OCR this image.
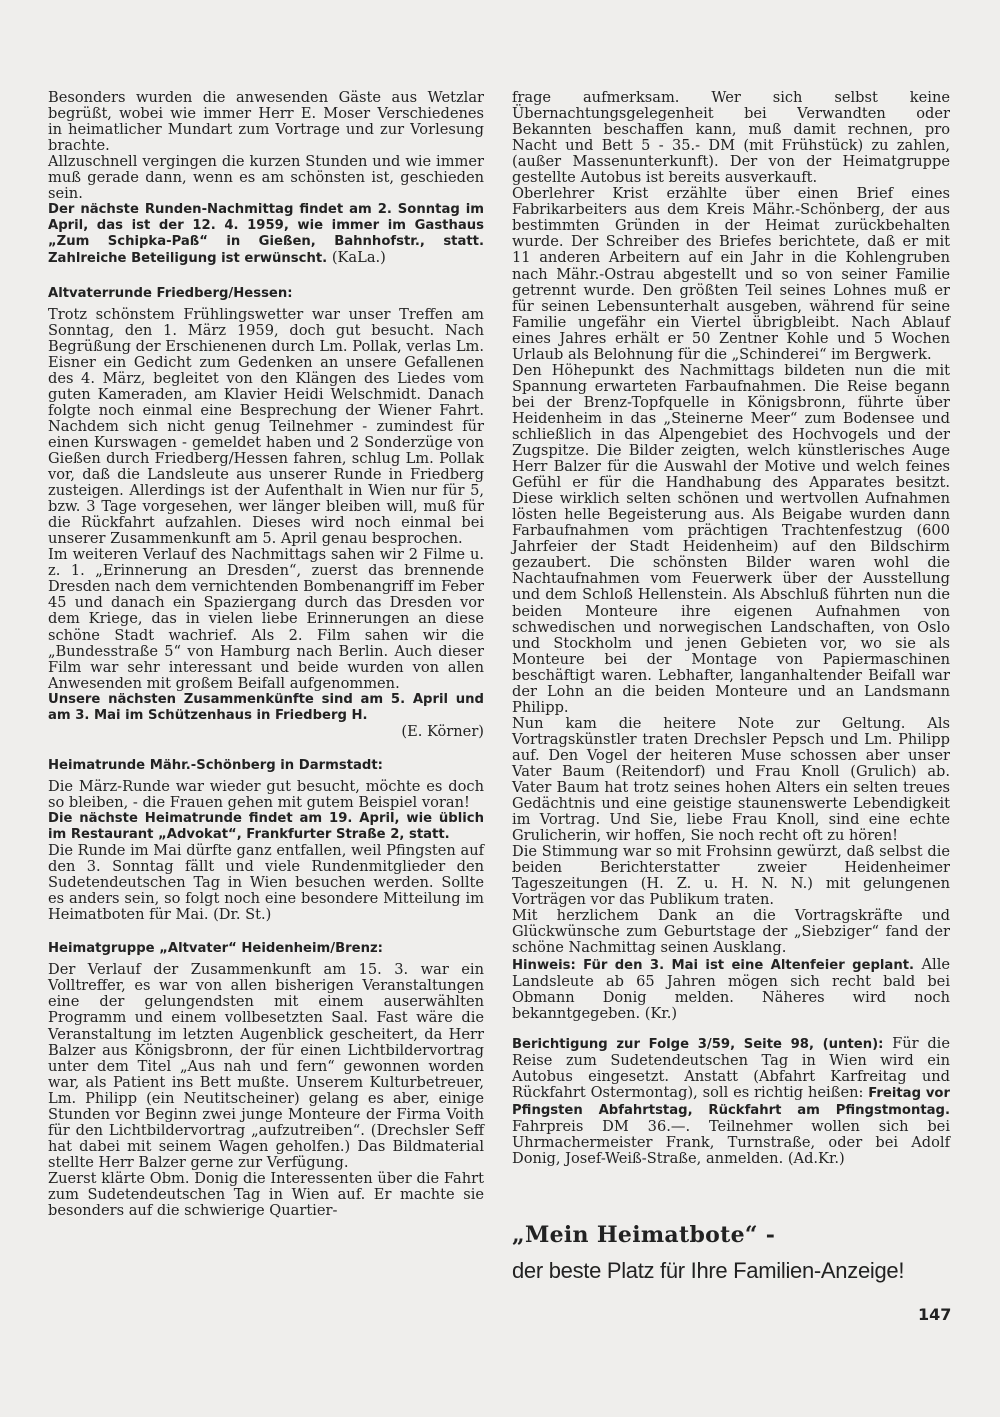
Besonders wurden die anwesenden Gäste aus Wetzlar begrüßt, wobei wie immer Herr E. Moser Verschiedenes in heimatlicher Mundart zum Vortrage und zur Vorlesung brachte.

Allzuschnell vergingen die kurzen Stunden und wie immer muß gerade dann, wenn es am schönsten ist, geschieden sein.

Der nächste Runden-Nachmittag findet am 2. Sonntag im April, das ist der 12. 4. 1959, wie immer im Gasthaus „Zum Schipka-Paß“ in Gießen, Bahnhofstr., statt. Zahlreiche Beteiligung ist erwünscht. (KaLa.)

Altvaterrunde Friedberg/Hessen:

Trotz schönstem Frühlingswetter war unser Treffen am Sonntag, den 1. März 1959, doch gut besucht. Nach Begrüßung der Erschienenen durch Lm. Pollak, verlas Lm. Eisner ein Gedicht zum Gedenken an unsere Gefallenen des 4. März, begleitet von den Klängen des Liedes vom guten Kameraden, am Klavier Heidi Welschmidt. Danach folgte noch einmal eine Besprechung der Wiener Fahrt. Nachdem sich nicht genug Teilnehmer - zumindest für einen Kurswagen - gemeldet haben und 2 Sonderzüge von Gießen durch Friedberg/Hessen fahren, schlug Lm. Pollak vor, daß die Landsleute aus unserer Runde in Friedberg zusteigen. Allerdings ist der Aufenthalt in Wien nur für 5, bzw. 3 Tage vorgesehen, wer länger bleiben will, muß für die Rückfahrt aufzahlen. Dieses wird noch einmal bei unserer Zusammenkunft am 5. April genau besprochen.

Im weiteren Verlauf des Nachmittags sahen wir 2 Filme u. z. 1. „Erinnerung an Dresden“, zuerst das brennende Dresden nach dem vernichtenden Bombenangriff im Feber 45 und danach ein Spaziergang durch das Dresden vor dem Kriege, das in vielen liebe Erinnerungen an diese schöne Stadt wachrief. Als 2. Film sahen wir die „Bundesstraße 5“ von Hamburg nach Berlin. Auch dieser Film war sehr interessant und beide wurden von allen Anwesenden mit großem Beifall aufgenommen.

Unsere nächsten Zusammenkünfte sind am 5. April und am 3. Mai im Schützenhaus in Friedberg H.

(E. Körner)

Heimatrunde Mähr.-Schönberg in Darmstadt:

Die März-Runde war wieder gut besucht, möchte es doch so bleiben, - die Frauen gehen mit gutem Beispiel voran!

Die nächste Heimatrunde findet am 19. April, wie üblich im Restaurant „Advokat“, Frankfurter Straße 2, statt.

Die Runde im Mai dürfte ganz entfallen, weil Pfingsten auf den 3. Sonntag fällt und viele Rundenmitglieder den Sudetendeutschen Tag in Wien besuchen werden. Sollte es anders sein, so folgt noch eine besondere Mitteilung im Heimatboten für Mai. (Dr. St.)

Heimatgruppe „Altvater“ Heidenheim/Brenz:

Der Verlauf der Zusammenkunft am 15. 3. war ein Volltreffer, es war von allen bisherigen Veranstaltungen eine der gelungendsten mit einem auserwählten Programm und einem vollbesetzten Saal. Fast wäre die Veranstaltung im letzten Augenblick gescheitert, da Herr Balzer aus Königsbronn, der für einen Lichtbildervortrag unter dem Titel „Aus nah und fern“ gewonnen worden war, als Patient ins Bett mußte. Unserem Kulturbetreuer, Lm. Philipp (ein Neutitscheiner) gelang es aber, einige Stunden vor Beginn zwei junge Monteure der Firma Voith für den Lichtbildervortrag „aufzutreiben“. (Drechsler Seff hat dabei mit seinem Wagen geholfen.) Das Bildmaterial stellte Herr Balzer gerne zur Verfügung.

Zuerst klärte Obm. Donig die Interessenten über die Fahrt zum Sudetendeutschen Tag in Wien auf. Er machte sie besonders auf die schwierige Quartier-

frage aufmerksam. Wer sich selbst keine Übernachtungsgelegenheit bei Verwandten oder Bekannten beschaffen kann, muß damit rechnen, pro Nacht und Bett 5 - 35.- DM (mit Frühstück) zu zahlen, (außer Massenunterkunft). Der von der Heimatgruppe gestellte Autobus ist bereits ausverkauft.

Oberlehrer Krist erzählte über einen Brief eines Fabrikarbeiters aus dem Kreis Mähr.-Schönberg, der aus bestimmten Gründen in der Heimat zurückbehalten wurde. Der Schreiber des Briefes berichtete, daß er mit 11 anderen Arbeitern auf ein Jahr in die Kohlengruben nach Mähr.-Ostrau abgestellt und so von seiner Familie getrennt wurde. Den größten Teil seines Lohnes muß er für seinen Lebensunterhalt ausgeben, während für seine Familie ungefähr ein Viertel übrigbleibt. Nach Ablauf eines Jahres erhält er 50 Zentner Kohle und 5 Wochen Urlaub als Belohnung für die „Schinderei“ im Bergwerk.

Den Höhepunkt des Nachmittags bildeten nun die mit Spannung erwarteten Farbaufnahmen. Die Reise begann bei der Brenz-Topfquelle in Königsbronn, führte über Heidenheim in das „Steinerne Meer“ zum Bodensee und schließlich in das Alpengebiet des Hochvogels und der Zugspitze. Die Bilder zeigten, welch künstlerisches Auge Herr Balzer für die Auswahl der Motive und welch feines Gefühl er für die Handhabung des Apparates besitzt. Diese wirklich selten schönen und wertvollen Aufnahmen lösten helle Begeisterung aus. Als Beigabe wurden dann Farbaufnahmen vom prächtigen Trachtenfestzug (600 Jahrfeier der Stadt Heidenheim) auf den Bildschirm gezaubert. Die schönsten Bilder waren wohl die Nachtaufnahmen vom Feuerwerk über der Ausstellung und dem Schloß Hellenstein. Als Abschluß führten nun die beiden Monteure ihre eigenen Aufnahmen von schwedischen und norwegischen Landschaften, von Oslo und Stockholm und jenen Gebieten vor, wo sie als Monteure bei der Montage von Papiermaschinen beschäftigt waren. Lebhafter, langanhaltender Beifall war der Lohn an die beiden Monteure und an Landsmann Philipp.

Nun kam die heitere Note zur Geltung. Als Vortragskünstler traten Drechsler Pepsch und Lm. Philipp auf. Den Vogel der heiteren Muse schossen aber unser Vater Baum (Reitendorf) und Frau Knoll (Grulich) ab. Vater Baum hat trotz seines hohen Alters ein selten treues Gedächtnis und eine geistige staunenswerte Lebendigkeit im Vortrag. Und Sie, liebe Frau Knoll, sind eine echte Grulicherin, wir hoffen, Sie noch recht oft zu hören!

Die Stimmung war so mit Frohsinn gewürzt, daß selbst die beiden Berichterstatter zweier Heidenheimer Tageszeitungen (H. Z. u. H. N. N.) mit gelungenen Vorträgen vor das Publikum traten.

Mit herzlichem Dank an die Vortragskräfte und Glückwünsche zum Geburtstage der „Siebziger“ fand der schöne Nachmittag seinen Ausklang.

Hinweis: Für den 3. Mai ist eine Altenfeier geplant. Alle Landsleute ab 65 Jahren mögen sich recht bald bei Obmann Donig melden. Näheres wird noch bekanntgegeben. (Kr.)

Berichtigung zur Folge 3/59, Seite 98, (unten): Für die Reise zum Sudetendeutschen Tag in Wien wird ein Autobus eingesetzt. Anstatt (Abfahrt Karfreitag und Rückfahrt Ostermontag), soll es richtig heißen: Freitag vor Pfingsten Abfahrtstag, Rückfahrt am Pfingstmontag. Fahrpreis DM 36.—. Teilnehmer wollen sich bei Uhrmachermeister Frank, Turnstraße, oder bei Adolf Donig, Josef-Weiß-Straße, anmelden. (Ad.Kr.)

„Mein Heimatbote“ -
der beste Platz für Ihre Familien-Anzeige!
147
